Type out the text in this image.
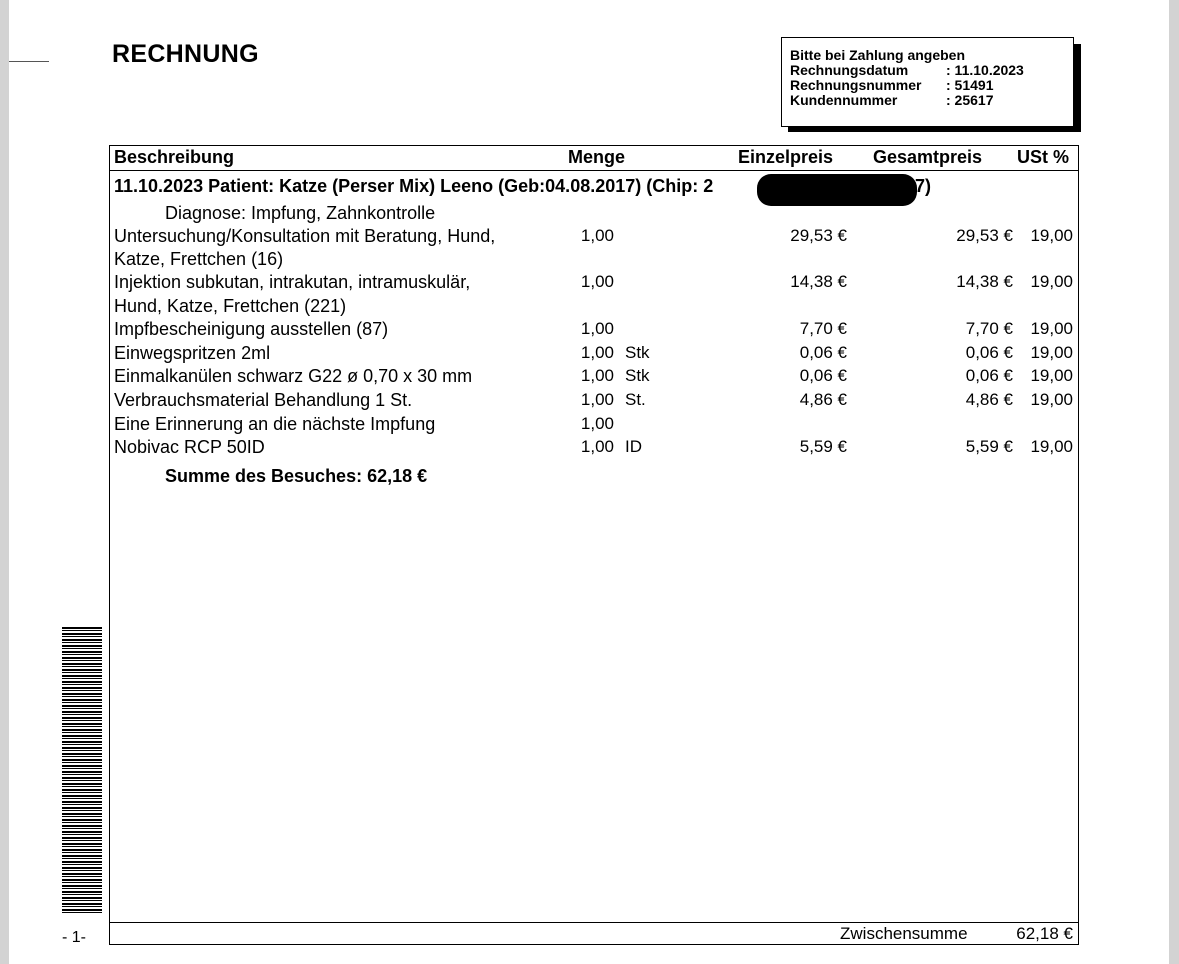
RECHNUNG	Bitte bei Zahlung angeben
Rechnungsdatum	: 11.10.2023
Rechnungsnummer	: 51491
Kundennummer	: 25617
Beschreibung	Menge	Einzelpreis Gesamtpreis USt %
11.10.2023 Patient: Katze (Perser Mix) Leeno (Geb:04.08.2017) (Chip: 2	7)
Diagnose: Impfung, Zahnkontrolle
Untersuchung/Konsultation mit Beratung, Hund,
Katze, Frettchen (16)
1,00	29,53 €	29,53 €	19,00
Injektion subkutan, intrakutan, intramuskulär,
Hund, Katze, Frettchen (221)
1,00	14,38 €	14,38 €	19,00
Impfbescheinigung ausstellen (87)	1,00	7,70 €	7,70 €	19,00
Einwegspritzen 2ml	1,00 Stk	0,06 €	0,06 €	19,00
Einmalkanülen schwarz G22 ø 0,70 x 30 mm	1,00 Stk	0,06 €	0,06 €	19,00
Verbrauchsmaterial Behandlung 1 St.	1,00 St.	4,86 €	4,86 €	19,00
Eine Erinnerung an die nächste Impfung	1,00
Nobivac RCP 50ID	1,00 ID	5,59 €	5,59 €	19,00
Summe des Besuches: 62,18 €
Zwischensumme	62,18 €
- 1-
